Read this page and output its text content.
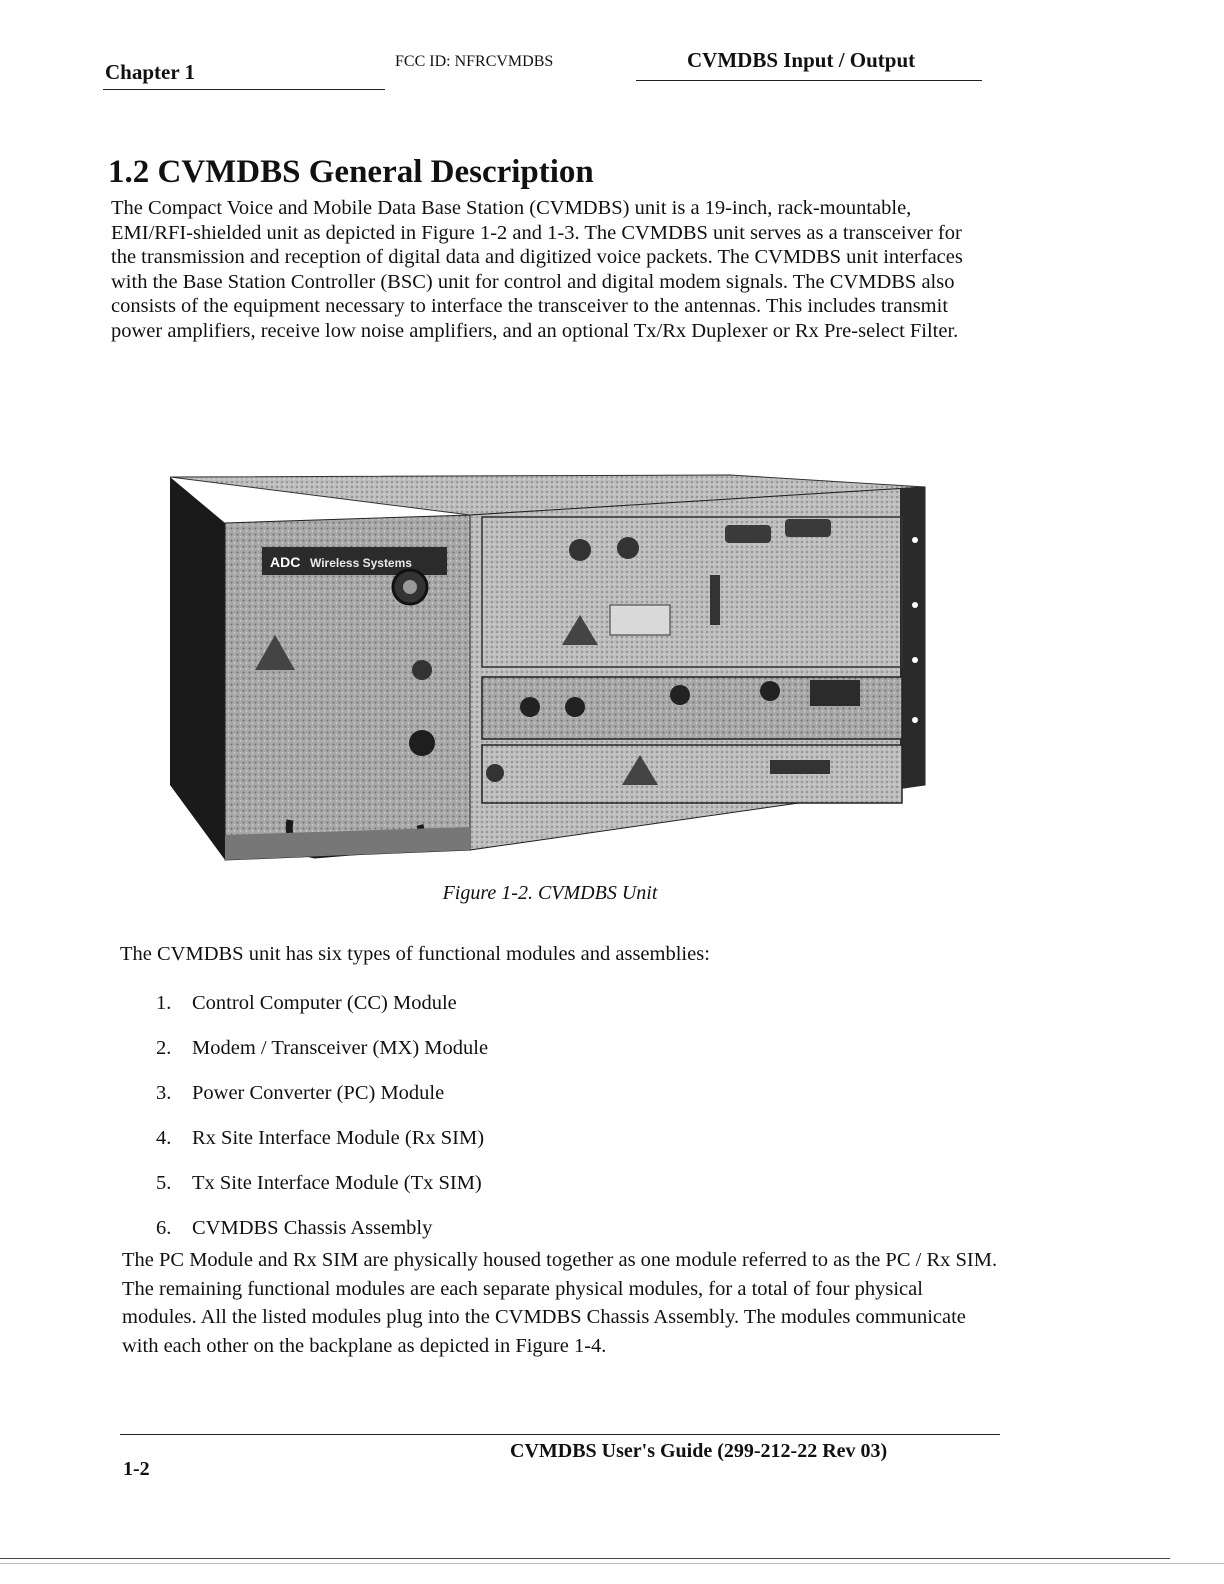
Chapter 1	FCC ID: NFRCVMDBS	CVMDBS Input / Output
1.2 CVMDBS General Description

The Compact Voice and Mobile Data Base Station (CVMDBS) unit is a 19-inch, rack-mountable, EMI/RFI-shielded unit as depicted in Figure 1-2 and 1-3. The CVMDBS unit serves as a transceiver for the transmission and reception of digital data and digitized voice packets. The CVMDBS unit interfaces with the Base Station Controller (BSC) unit for control and digital modem signals. The CVMDBS also consists of the equipment necessary to interface the transceiver to the antennas. This includes transmit power amplifiers, receive low noise amplifiers, and an optional Tx/Rx Duplexer or Rx Pre-select Filter.

ADC Wireless Systems
Figure 1-2. CVMDBS Unit

The CVMDBS unit has six types of functional modules and assemblies:

1. Control Computer (CC) Module
2. Modem / Transceiver (MX) Module
3. Power Converter (PC) Module
4. Rx Site Interface Module (Rx SIM)
5. Tx Site Interface Module (Tx SIM)
6. CVMDBS Chassis Assembly

The PC Module and Rx SIM are physically housed together as one module referred to as the PC / Rx SIM. The remaining functional modules are each separate physical modules, for a total of four physical modules. All the listed modules plug into the CVMDBS Chassis Assembly. The modules communicate with each other on the backplane as depicted in Figure 1-4.

1-2
CVMDBS User's Guide (299-212-22 Rev 03)
